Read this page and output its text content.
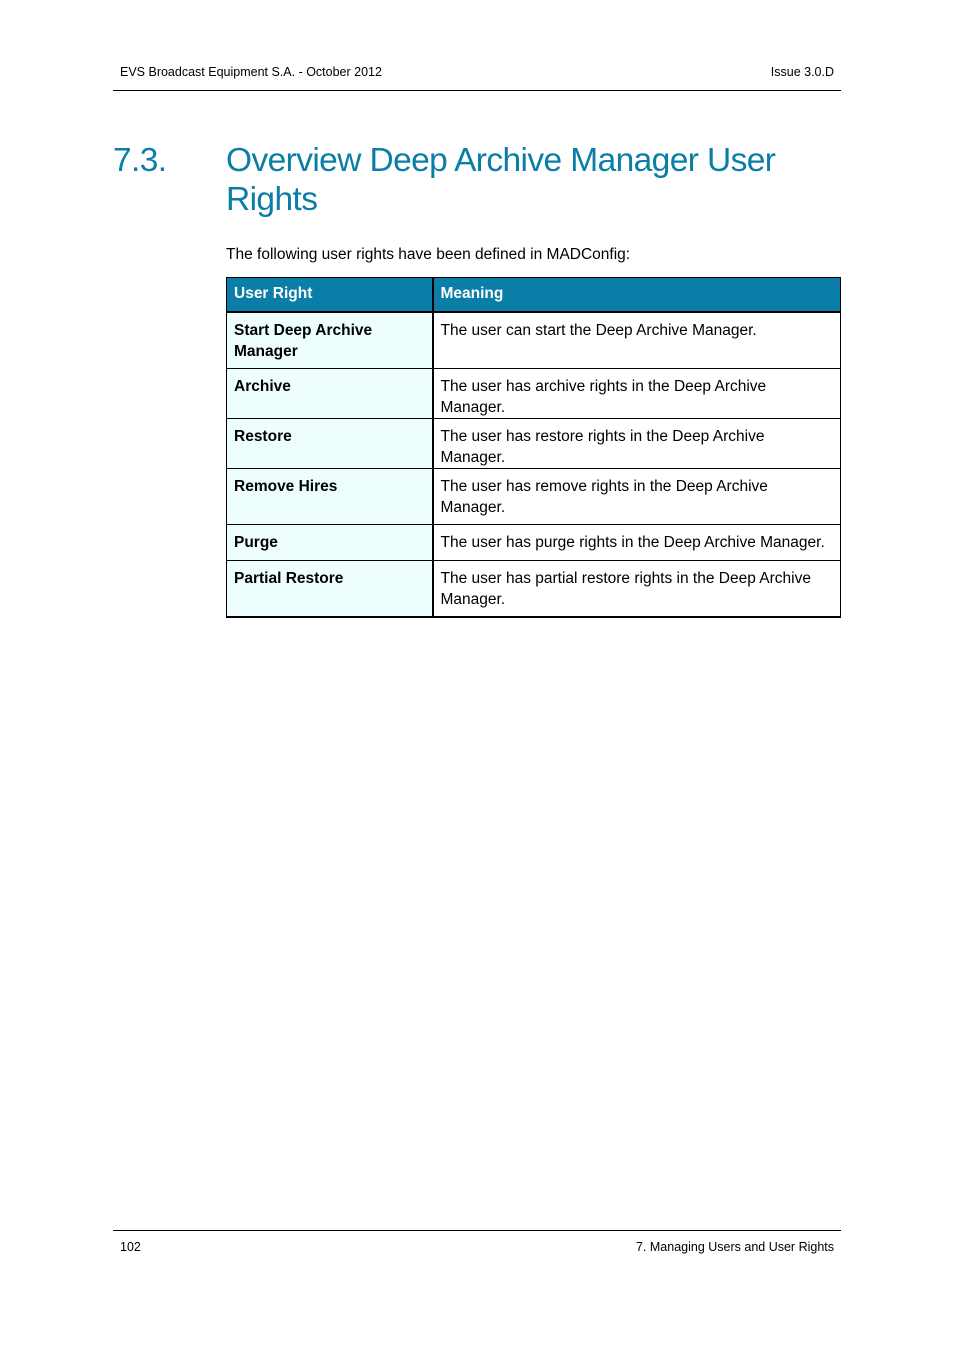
EVS Broadcast Equipment S.A. - October 2012	Issue 3.0.D
7.3. Overview Deep Archive Manager User Rights
The following user rights have been defined in MADConfig:
User Right	Meaning
Start Deep Archive Manager	The user can start the Deep Archive Manager.
Archive	The user has archive rights in the Deep Archive Manager.
Restore	The user has restore rights in the Deep Archive Manager.
Remove Hires	The user has remove rights in the Deep Archive Manager.
Purge	The user has purge rights in the Deep Archive Manager.
Partial Restore	The user has partial restore rights in the Deep Archive Manager.
102	7. Managing Users and User Rights
